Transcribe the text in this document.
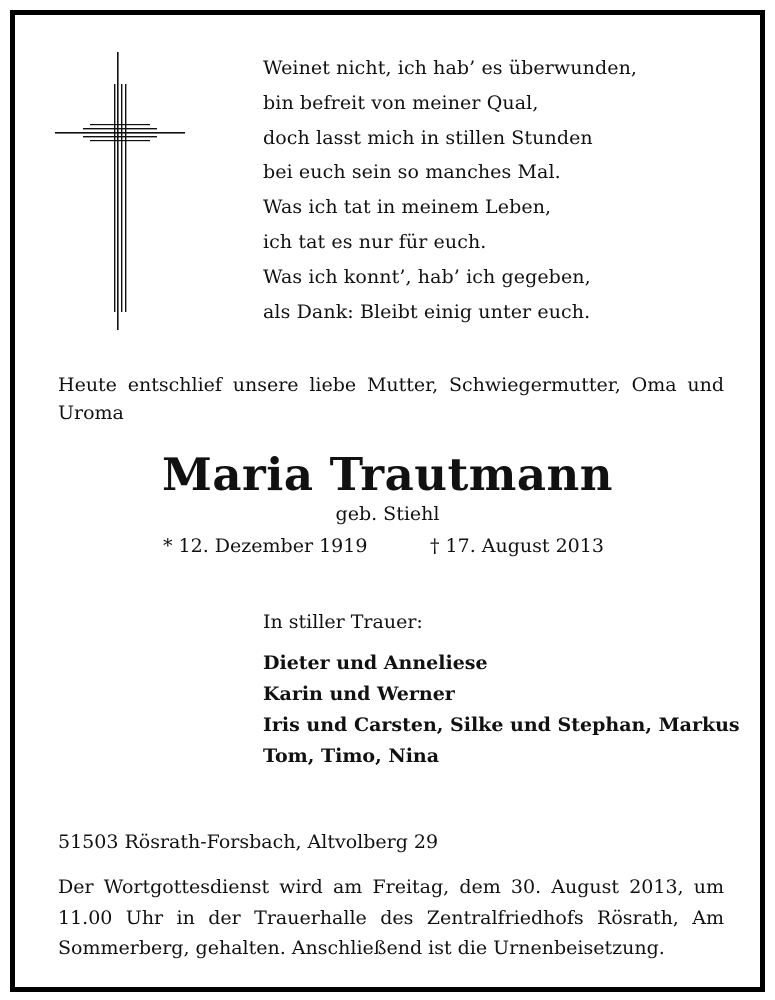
Weinet nicht, ich hab’ es überwunden,
bin befreit von meiner Qual,
doch lasst mich in stillen Stunden
bei euch sein so manches Mal.
Was ich tat in meinem Leben,
ich tat es nur für euch.
Was ich konnt’, hab’ ich gegeben,
als Dank: Bleibt einig unter euch.

Heute entschlief unsere liebe Mutter, Schwiegermutter, Oma und Uroma

Maria Trautmann
geb. Stiehl
* 12. Dezember 1919	† 17. August 2013
In stiller Trauer:
Dieter und Anneliese
Karin und Werner
Iris und Carsten, Silke und Stephan, Markus
Tom, Timo, Nina
51503 Rösrath-Forsbach, Altvolberg 29

Der Wortgottesdienst wird am Freitag, dem 30. August 2013, um 11.00 Uhr in der Trauerhalle des Zentralfriedhofs Rösrath, Am Sommerberg, gehalten. Anschließend ist die Urnenbeisetzung.
